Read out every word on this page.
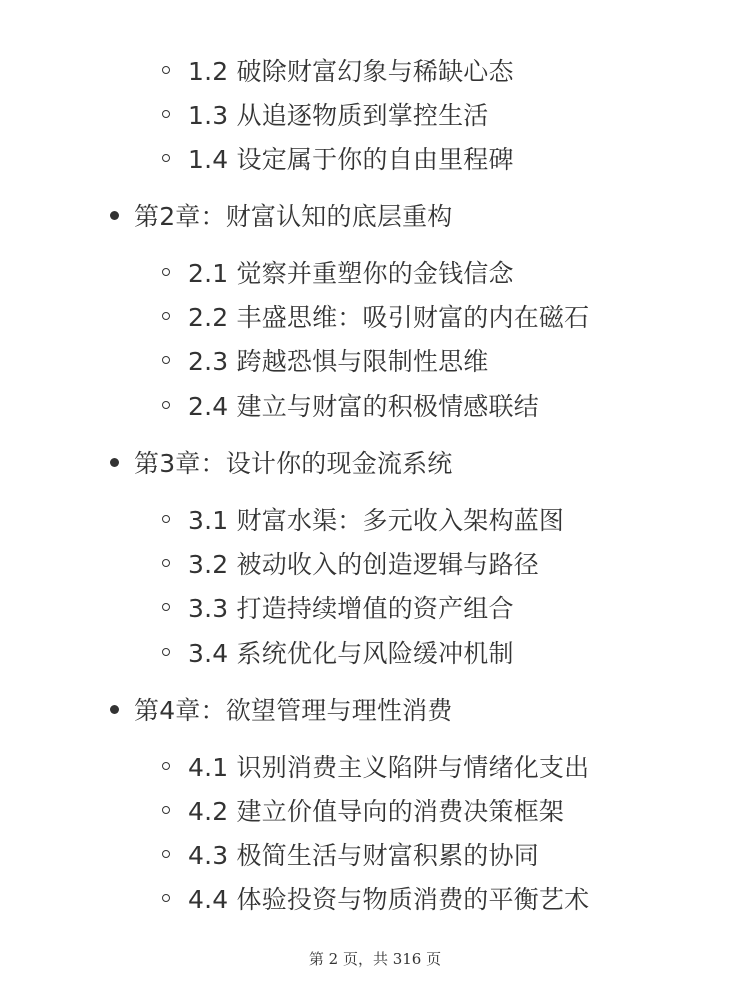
1.2 破除财富幻象与稀缺心态
1.3 从追逐物质到掌控生活
1.4 设定属于你的自由里程碑
第2章：财富认知的底层重构
2.1 觉察并重塑你的金钱信念
2.2 丰盛思维：吸引财富的内在磁石
2.3 跨越恐惧与限制性思维
2.4 建立与财富的积极情感联结
第3章：设计你的现金流系统
3.1 财富水渠：多元收入架构蓝图
3.2 被动收入的创造逻辑与路径
3.3 打造持续增值的资产组合
3.4 系统优化与风险缓冲机制
第4章：欲望管理与理性消费
4.1 识别消费主义陷阱与情绪化支出
4.2 建立价值导向的消费决策框架
4.3 极简生活与财富积累的协同
4.4 体验投资与物质消费的平衡艺术
第 2 页，共 316 页
